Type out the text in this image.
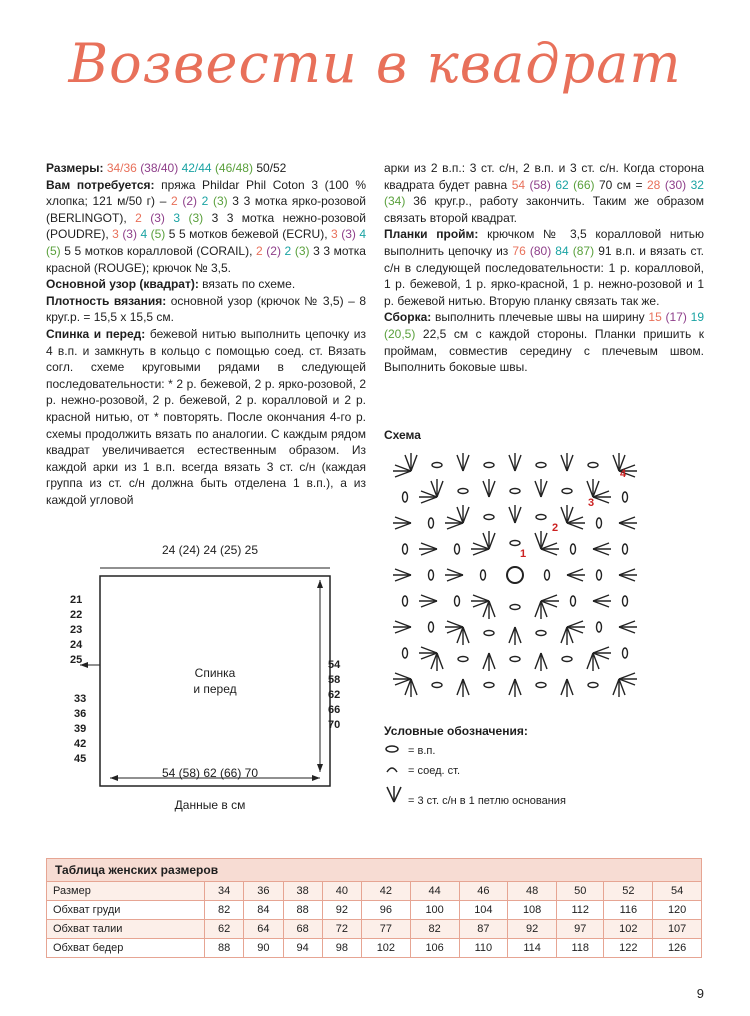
Возвести в квадрат

Размеры: 34/36 (38/40) 42/44 (46/48) 50/52

Вам потребуется: пряжа Phildar Phil Coton 3 (100 % хлопка; 121 м/50 г) – 2 (2) 2 (3) 3 3 мотка ярко-розовой (BERLINGOT), 2 (3) 3 (3) 3 3 мотка нежно-розовой (POUDRE), 3 (3) 4 (5) 5 5 мотков бежевой (ECRU), 3 (3) 4 (5) 5 5 мотков коралловой (CORAIL), 2 (2) 2 (3) 3 3 мотка красной (ROUGE); крючок № 3,5.

Основной узор (квадрат): вязать по схеме.

Плотность вязания: основной узор (крючок № 3,5) – 8 круг.р. = 15,5 х 15,5 см.

Спинка и перед: бежевой нитью выполнить цепочку из 4 в.п. и замкнуть в кольцо с помощью соед. ст. Вязать согл. схеме круговыми рядами в следующей последовательности: * 2 р. бежевой, 2 р. ярко-розовой, 2 р. нежно-розовой, 2 р. бежевой, 2 р. коралловой и 2 р. красной нитью, от * повторять. После окончания 4-го р. схемы продолжить вязать по аналогии. С каждым рядом квадрат увеличивается естественным образом. Из каждой арки из 1 в.п. всегда вязать 3 ст. с/н (каждая группа из ст. с/н должна быть отделена 1 в.п.), а из каждой угловой

арки из 2 в.п.: 3 ст. с/н, 2 в.п. и 3 ст. с/н. Когда сторона квадрата будет равна 54 (58) 62 (66) 70 см = 28 (30) 32 (34) 36 круг.р., работу закончить. Таким же образом связать второй квадрат.

Планки пройм: крючком № 3,5 коралловой нитью выполнить цепочку из 76 (80) 84 (87) 91 в.п. и вязать ст. с/н в следующей последовательности: 1 р. коралловой, 1 р. бежевой, 1 р. ярко-красной, 1 р. нежно-розовой и 1 р. бежевой нитью. Вторую планку связать так же.

Сборка: выполнить плечевые швы на ширину 15 (17) 19 (20,5) 22,5 см с каждой стороны. Планки пришить к проймам, совместив середину с плечевым швом. Выполнить боковые швы.

24 (24) 24 (25) 25
21
22
23
24
25
33
36
39
42
45
54
58
62
66
70
Спинка
и перед
54 (58) 62 (66) 70
Данные в см
Схема
1
2
3
4
Условные обозначения:
= в.п.
= соед. ст.
= 3 ст. с/н в 1 петлю основания
Таблица женских размеров											
Размер	34	36	38	40	42	44	46	48	50	52	54
Обхват груди	82	84	88	92	96	100	104	108	112	116	120
Обхват талии	62	64	68	72	77	82	87	92	97	102	107
Обхват бедер	88	90	94	98	102	106	110	114	118	122	126
9
